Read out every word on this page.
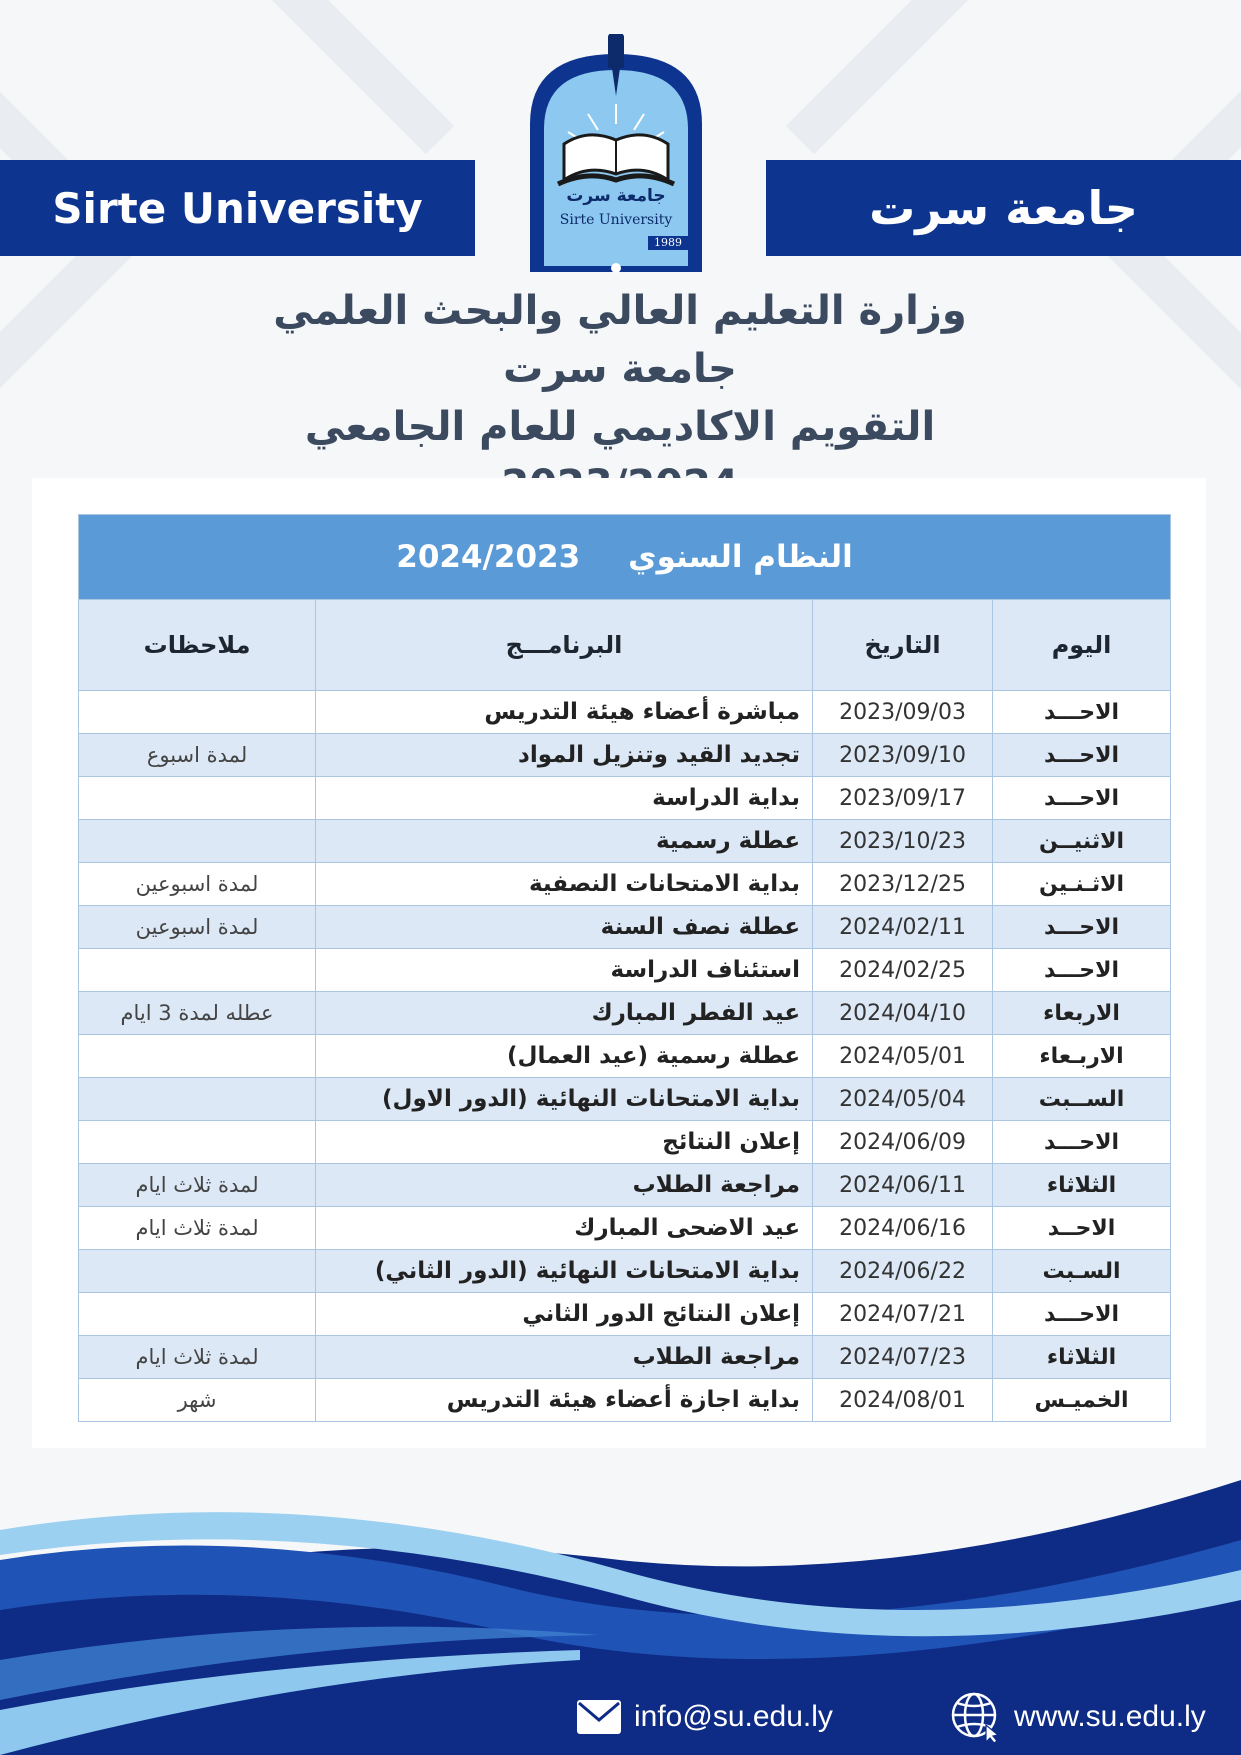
Sirte University	جامعة سرت
جامعة سرت
Sirte University
1989
وزارة التعليم العالي والبحث العلمي
جامعة سرت
التقويم الاكاديمي للعام الجامعي
النظام السنوي
2024/2023			

اليوم	التاريخ	البرنامـــج	ملاحظات
الاحـــد	2023/09/03	مباشرة أعضاء هيئة التدريس	
الاحـــد	2023/09/10	تجديد القيد وتنزيل المواد	لمدة اسبوع
الاحـــد	2023/09/17	بداية الدراسة	
الاثنيــن	2023/10/23	عطلة رسمية	
الاثـنـين	2023/12/25	بداية الامتحانات النصفية	لمدة اسبوعين
الاحـــد	2024/02/11	عطلة نصف السنة	لمدة اسبوعين
الاحـــد	2024/02/25	استئناف الدراسة	
الاربعاء	2024/04/10	عيد الفطر المبارك	عطله لمدة 3 ايام
الاربـعاء	2024/05/01	عطلة رسمية (عيد العمال)	
الســبت	2024/05/04	بداية الامتحانات النهائية (الدور الاول)	
الاحـــد	2024/06/09	إعلان النتائج	
الثلاثاء	2024/06/11	مراجعة الطلاب	لمدة ثلاث ايام
الاحــد	2024/06/16	عيد الاضحى المبارك	لمدة ثلاث ايام
السـبت	2024/06/22	بداية الامتحانات النهائية (الدور الثاني)	
الاحـــد	2024/07/21	إعلان النتائج الدور الثاني	
الثلاثاء	2024/07/23	مراجعة الطلاب	لمدة ثلاث ايام
الخميـس	2024/08/01	بداية اجازة أعضاء هيئة التدريس	شهر
info@su.edu.ly	www.su.edu.ly
